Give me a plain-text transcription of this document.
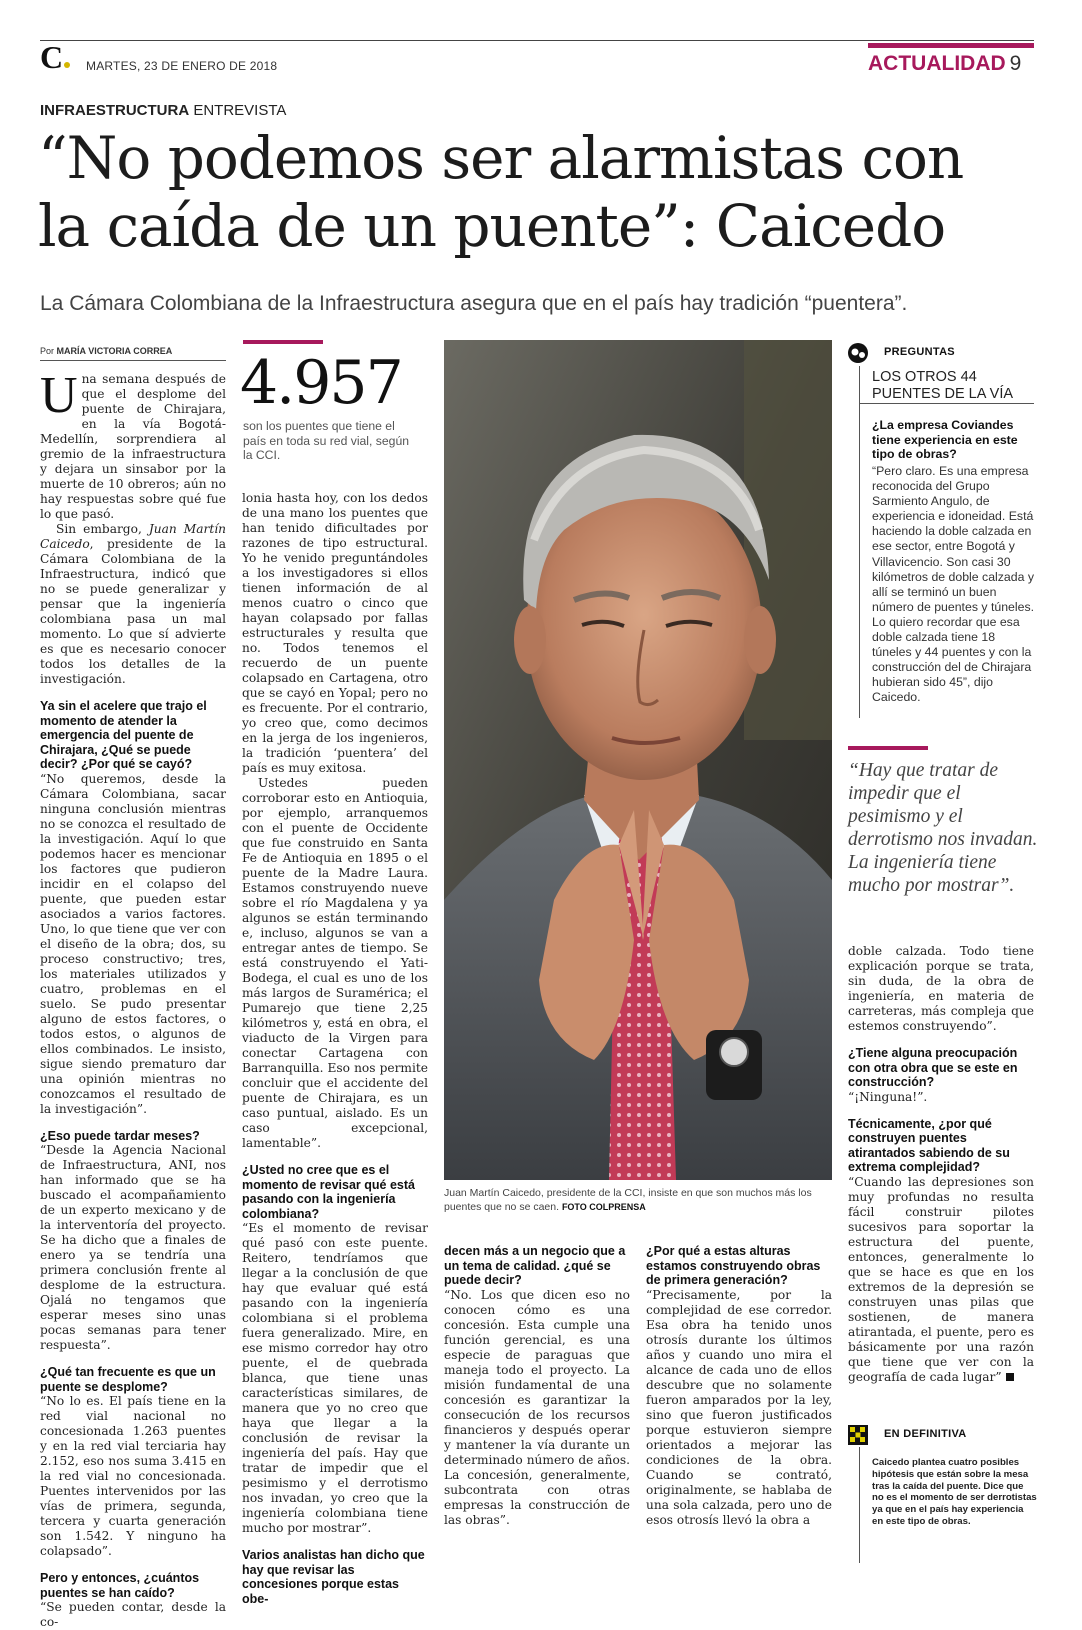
C	MARTES, 23 DE ENERO DE 2018	ACTUALIDAD 9
INFRAESTRUCTURA ENTREVISTA
“No podemos ser alarmistas con
la caída de un puente”: Caicedo
La Cámara Colombiana de la Infraestructura asegura que en el país hay tradición “puentera”.
Por MARÍA VICTORIA CORREA

Una semana después de que el desplome del puente de Chirajara, en la vía Bogotá-Medellín, sorprendiera al gremio de la infraestructura y dejara un sinsabor por la muerte de 10 obreros; aún no hay respuestas sobre qué fue lo que pasó.

Sin embargo, Juan Martín Caicedo, presidente de la Cámara Colombiana de la Infraestructura, indicó que no se puede generalizar y pensar que la ingeniería colombiana pasa un mal momento. Lo que sí advierte es que es necesario conocer todos los detalles de la investigación.

Ya sin el acelere que trajo el momento de atender la emergencia del puente de Chirajara, ¿Qué se puede decir? ¿Por qué se cayó?

“No queremos, desde la Cámara Colombiana, sacar ninguna conclusión mientras no se conozca el resultado de la investigación. Aquí lo que podemos hacer es mencionar los factores que pudieron incidir en el colapso del puente, que pueden estar asociados a varios factores. Uno, lo que tiene que ver con el diseño de la obra; dos, su proceso constructivo; tres, los materiales utilizados y cuatro, problemas en el suelo. Se pudo presentar alguno de estos factores, o todos estos, o algunos de ellos combinados. Le insisto, sigue siendo prematuro dar una opinión mientras no conozcamos el resultado de la investigación”.

¿Eso puede tardar meses?

“Desde la Agencia Nacional de Infraestructura, ANI, nos han informado que se ha buscado el acompañamiento de un experto mexicano y de la interventoría del proyecto. Se ha dicho que a finales de enero ya se tendría una primera conclusión frente al desplome de la estructura. Ojalá no tengamos que esperar meses sino unas pocas semanas para tener respuesta”.

¿Qué tan frecuente es que un puente se desplome?

“No lo es. El país tiene en la red vial nacional no concesionada 1.263 puentes y en la red vial terciaria hay 2.152, eso nos suma 3.415 en la red vial no concesionada. Puentes intervenidos por las vías de primera, segunda, tercera y cuarta generación son 1.542. Y ninguno ha colapsado”.

Pero y entonces, ¿cuántos puentes se han caído?

“Se pueden contar, desde la co-

4.957
son los puentes que tiene el país en toda su red vial, según la CCI.

lonia hasta hoy, con los dedos de una mano los puentes que han tenido dificultades por razones de tipo estructural. Yo he venido preguntándoles a los investigadores si ellos tienen información de al menos cuatro o cinco que hayan colapsado por fallas estructurales y resulta que no. Todos tenemos el recuerdo de un puente colapsado en Cartagena, otro que se cayó en Yopal; pero no es frecuente. Por el contrario, yo creo que, como decimos en la jerga de los ingenieros, la tradición ‘puentera’ del país es muy exitosa.

Ustedes pueden corroborar esto en Antioquia, por ejemplo, arranquemos con el puente de Occidente que fue construido en Santa Fe de Antioquia en 1895 o el puente de la Madre Laura. Estamos construyendo nueve sobre el río Magdalena y ya algunos se están terminando e, incluso, algunos se van a entregar antes de tiempo. Se está construyendo el Yati-Bodega, el cual es uno de los más largos de Suramérica; el Pumarejo que tiene 2,25 kilómetros y, está en obra, el viaducto de la Virgen para conectar Cartagena con Barranquilla. Eso nos permite concluir que el accidente del puente de Chirajara, es un caso puntual, aislado. Es un caso excepcional, lamentable”.

¿Usted no cree que es el momento de revisar qué está pasando con la ingeniería colombiana?

“Es el momento de revisar qué pasó con este puente. Reitero, tendríamos que llegar a la conclusión de que hay que evaluar qué está pasando con la ingeniería colombiana si el problema fuera generalizado. Mire, en ese mismo corredor hay otro puente, el de quebrada blanca, que tiene unas características similares, de manera que yo no creo que haya que llegar a la conclusión de revisar la ingeniería del país. Hay que tratar de impedir que el pesimismo y el derrotismo nos invadan, yo creo que la ingeniería colombiana tiene mucho por mostrar”.

Varios analistas han dicho que hay que revisar las concesiones porque estas obe-
Juan Martín Caicedo, presidente de la CCI, insiste en que son muchos más los puentes que no se caen. FOTO COLPRENSA
decen más a un negocio que a un tema de calidad. ¿qué se puede decir?

“No. Los que dicen eso no conocen cómo es una concesión. Esta cumple una función gerencial, es una especie de paraguas que maneja todo el proyecto. La misión fundamental de una concesión es garantizar la consecución de los recursos financieros y después operar y mantener la vía durante un determinado número de años. La concesión, generalmente, subcontrata con otras empresas la construcción de las obras”.

¿Por qué a estas alturas estamos construyendo obras de primera generación?

“Precisamente, por la complejidad de ese corredor. Esa obra ha tenido unos otrosís durante los últimos años y cuando uno mira el alcance de cada uno de ellos descubre que no solamente fueron amparados por la ley, sino que fueron justificados porque estuvieron siempre orientados a mejorar las condiciones de la obra. Cuando se contrató, originalmente, se hablaba de una sola calzada, pero uno de esos otrosís llevó la obra a

PREGUNTAS
LOS OTROS 44
PUENTES DE LA VÍA
¿La empresa Coviandes tiene experiencia en este tipo de obras?
“Pero claro. Es una empresa reconocida del Grupo Sarmiento Angulo, de experiencia e idoneidad. Está haciendo la doble calzada en ese sector, entre Bogotá y Villavicencio. Son casi 30 kilómetros de doble calzada y allí se terminó un buen número de puentes y túneles. Lo quiero recordar que esa doble calzada tiene 18 túneles y 44 puentes y con la construcción del de Chirajara hubieran sido 45”, dijo Caicedo.
“Hay que tratar de impedir que el pesimismo y el derrotismo nos invadan. La ingeniería tiene mucho por mostrar”.

doble calzada. Todo tiene explicación porque se trata, sin duda, de la obra de ingeniería, en materia de carreteras, más compleja que estemos construyendo”.

¿Tiene alguna preocupación con otra obra que se este en construcción?

“¡Ninguna!”.

Técnicamente, ¿por qué construyen puentes atirantados sabiendo de su extrema complejidad?

“Cuando las depresiones son muy profundas no resulta fácil construir pilotes sucesivos para soportar la estructura del puente, entonces, generalmente lo que se hace es que en los extremos de la depresión se construyen unas pilas que sostienen, de manera atirantada, el puente, pero es básicamente por una razón que tiene que ver con la geografía de cada lugar”

EN DEFINITIVA
Caicedo plantea cuatro posibles hipótesis que están sobre la mesa tras la caída del puente. Dice que no es el momento de ser derrotistas ya que en el país hay experiencia en este tipo de obras.
